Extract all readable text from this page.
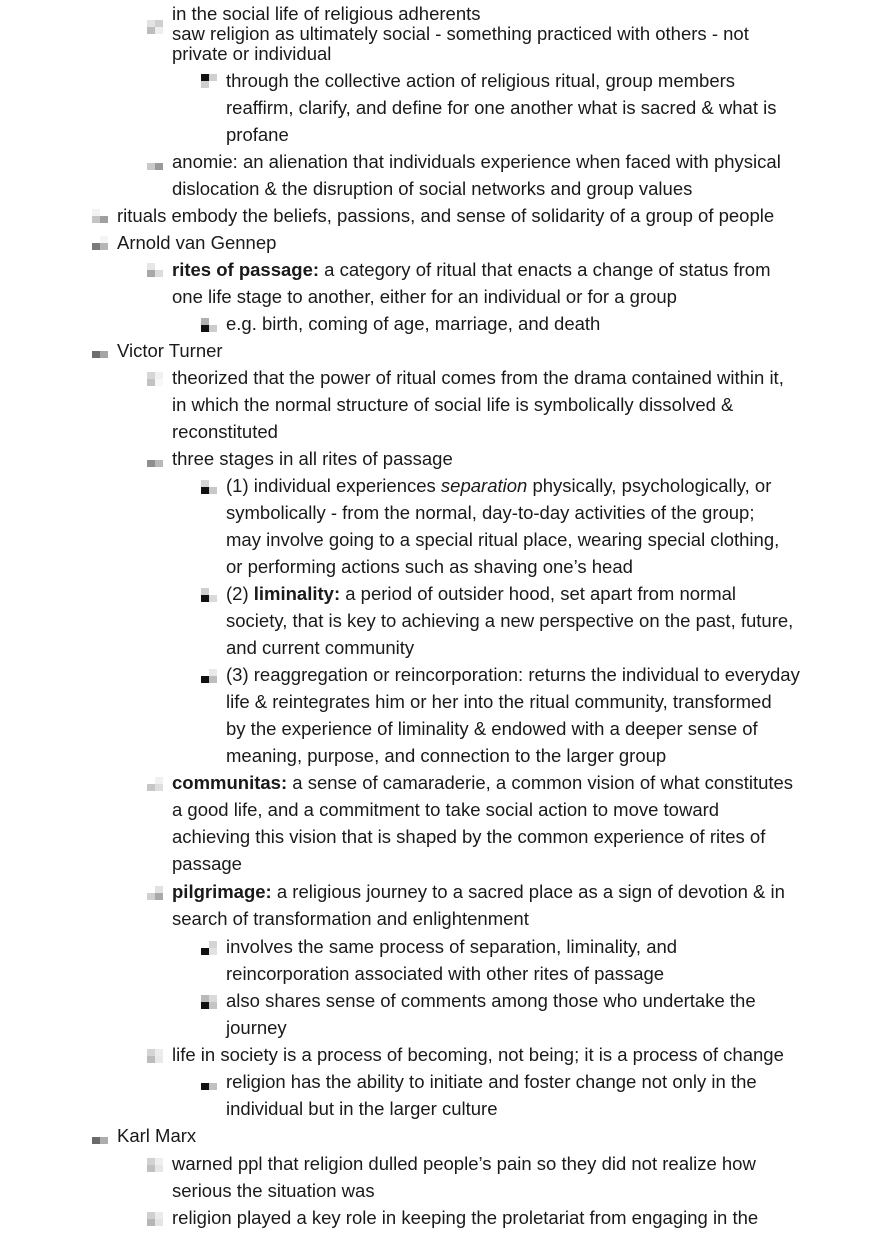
in the social life of religious adherents
saw religion as ultimately social - something practiced with others - not
private or individual
through the collective action of religious ritual, group members
reaffirm, clarify, and define for one another what is sacred & what is
profane
anomie: an alienation that individuals experience when faced with physical
dislocation & the disruption of social networks and group values
rituals embody the beliefs, passions, and sense of solidarity of a group of people
Arnold van Gennep
rites of passage: a category of ritual that enacts a change of status from
one life stage to another, either for an individual or for a group
e.g. birth, coming of age, marriage, and death
Victor Turner
theorized that the power of ritual comes from the drama contained within it,
in which the normal structure of social life is symbolically dissolved &
reconstituted
three stages in all rites of passage
(1) individual experiences separation physically, psychologically, or
symbolically - from the normal, day-to-day activities of the group;
may involve going to a special ritual place, wearing special clothing,
or performing actions such as shaving one’s head
(2) liminality: a period of outsider hood, set apart from normal
society, that is key to achieving a new perspective on the past, future,
and current community
(3) reaggregation or reincorporation: returns the individual to everyday
life & reintegrates him or her into the ritual community, transformed
by the experience of liminality & endowed with a deeper sense of
meaning, purpose, and connection to the larger group
communitas: a sense of camaraderie, a common vision of what constitutes
a good life, and a commitment to take social action to move toward
achieving this vision that is shaped by the common experience of rites of
passage
pilgrimage: a religious journey to a sacred place as a sign of devotion & in
search of transformation and enlightenment
involves the same process of separation, liminality, and
reincorporation associated with other rites of passage
also shares sense of comments among those who undertake the
journey
life in society is a process of becoming, not being; it is a process of change
religion has the ability to initiate and foster change not only in the
individual but in the larger culture
Karl Marx
warned ppl that religion dulled people’s pain so they did not realize how
serious the situation was
religion played a key role in keeping the proletariat from engaging in the
